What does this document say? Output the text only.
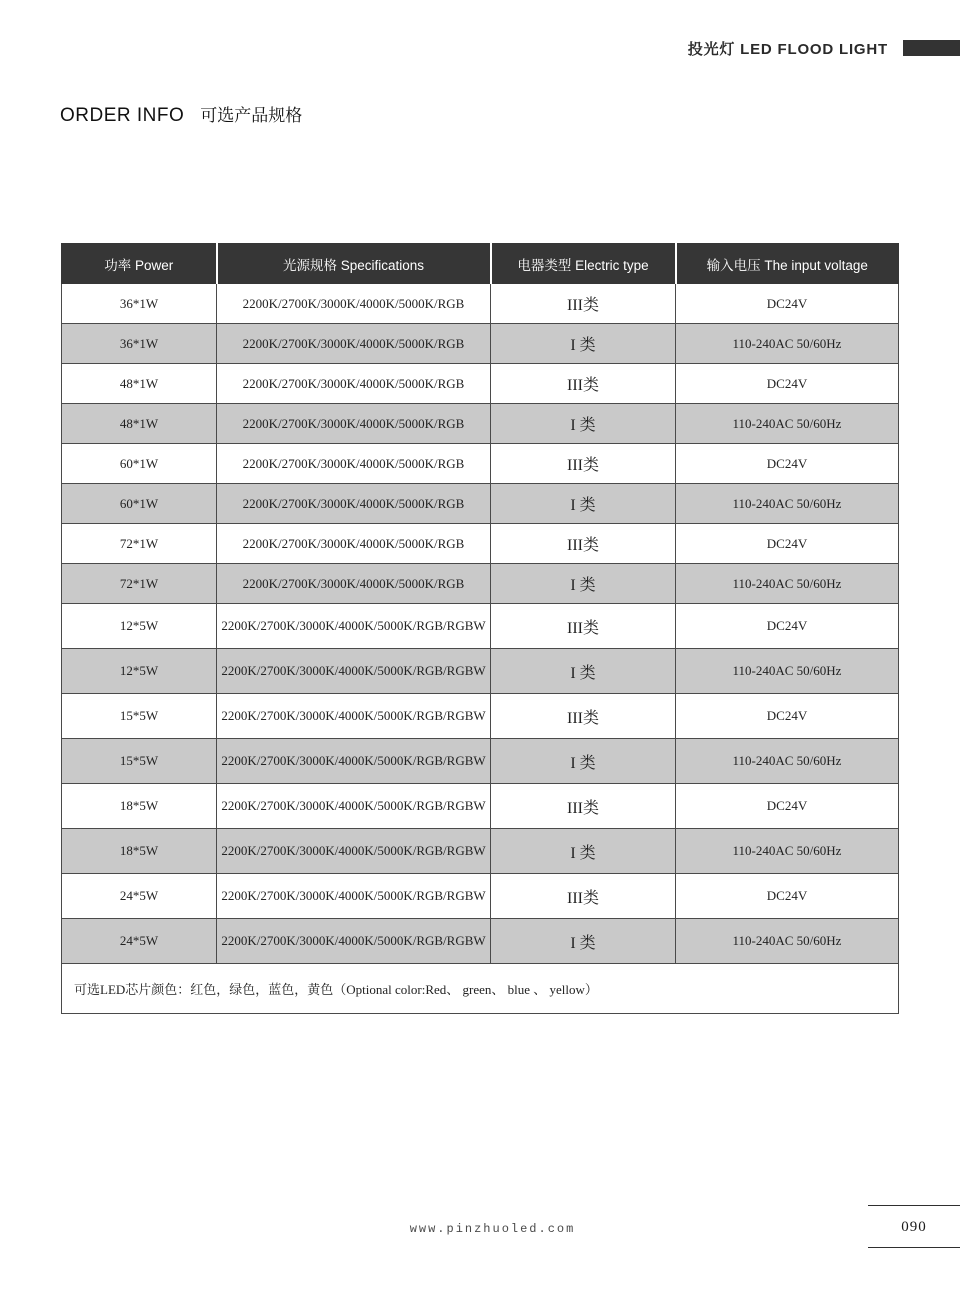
投光灯 LED FLOOD LIGHT
ORDER INFO 可选产品规格
功率 Power	光源规格 Specifications	电器类型 Electric type	输入电压 The input voltage
36*1W	2200K/2700K/3000K/4000K/5000K/RGB	III类	DC24V
36*1W	2200K/2700K/3000K/4000K/5000K/RGB	I 类	110-240AC 50/60Hz
48*1W	2200K/2700K/3000K/4000K/5000K/RGB	III类	DC24V
48*1W	2200K/2700K/3000K/4000K/5000K/RGB	I 类	110-240AC 50/60Hz
60*1W	2200K/2700K/3000K/4000K/5000K/RGB	III类	DC24V
60*1W	2200K/2700K/3000K/4000K/5000K/RGB	I 类	110-240AC 50/60Hz
72*1W	2200K/2700K/3000K/4000K/5000K/RGB	III类	DC24V
72*1W	2200K/2700K/3000K/4000K/5000K/RGB	I 类	110-240AC 50/60Hz
12*5W	2200K/2700K/3000K/4000K/5000K/RGB/RGBW	III类	DC24V
12*5W	2200K/2700K/3000K/4000K/5000K/RGB/RGBW	I 类	110-240AC 50/60Hz
15*5W	2200K/2700K/3000K/4000K/5000K/RGB/RGBW	III类	DC24V
15*5W	2200K/2700K/3000K/4000K/5000K/RGB/RGBW	I 类	110-240AC 50/60Hz
18*5W	2200K/2700K/3000K/4000K/5000K/RGB/RGBW	III类	DC24V
18*5W	2200K/2700K/3000K/4000K/5000K/RGB/RGBW	I 类	110-240AC 50/60Hz
24*5W	2200K/2700K/3000K/4000K/5000K/RGB/RGBW	III类	DC24V
24*5W	2200K/2700K/3000K/4000K/5000K/RGB/RGBW	I 类	110-240AC 50/60Hz
可选LED芯片颜色：红色，绿色，蓝色，黄色（Optional color:Red、 green、 blue 、 yellow）			
www.pinzhuoled.com	090
